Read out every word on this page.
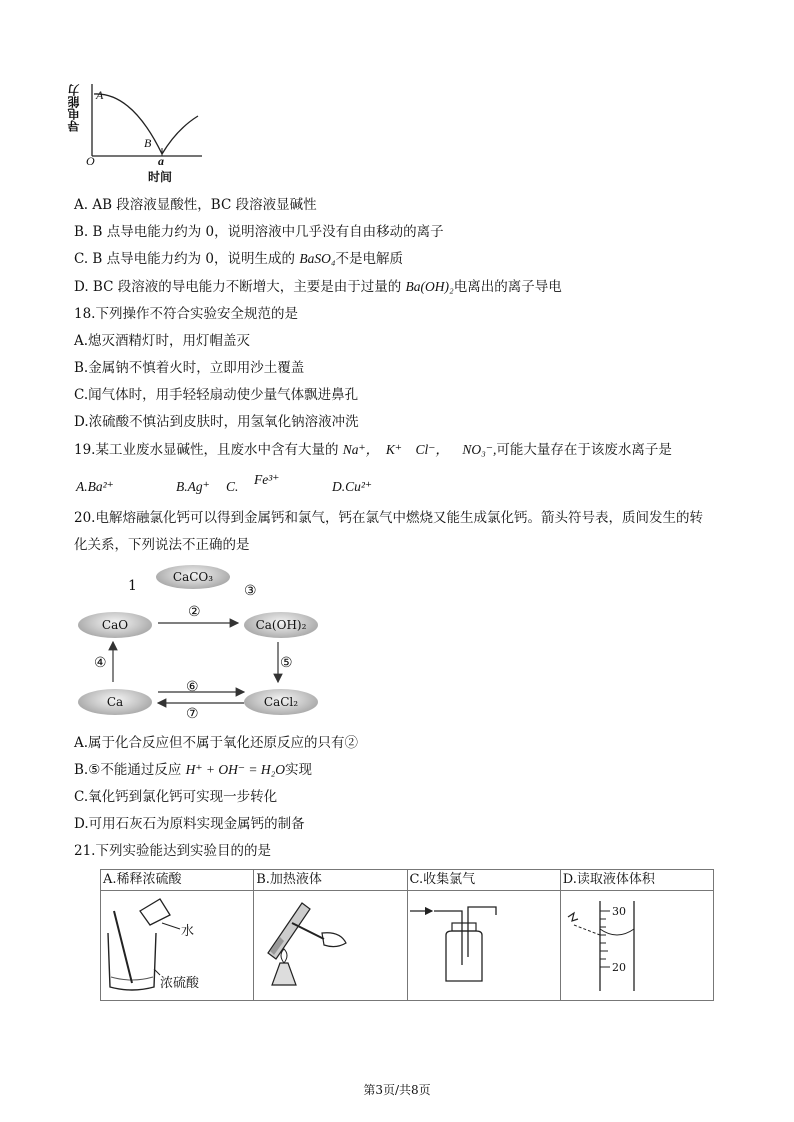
导电能力 A
B
O	a
时间
A. AB 段溶液显酸性，BC 段溶液显碱性
B. B 点导电能力约为 0，说明溶液中几乎没有自由移动的离子
C. B 点导电能力约为 0，说明生成的 BaSO₄不是电解质
D. BC 段溶液的导电能力不断增大，主要是由于过量的 Ba(OH)₂电离出的离子导电
18.下列操作不符合实验安全规范的是
A.熄灭酒精灯时，用灯帽盖灭
B.金属钠不慎着火时，立即用沙土覆盖
C.闻气体时，用手轻轻扇动使少量气体飘进鼻孔
D.浓硫酸不慎沾到皮肤时，用氢氧化钠溶液冲洗
19.某工业废水显碱性，且废水中含有大量的 Na⁺，  K⁺    Cl⁻，    NO₃⁻,可能大量存在于该废水离子是
A.Ba²⁺	B.Ag⁺ C. Fe³⁺	D.Cu²⁺
20.电解熔融氯化钙可以得到金属钙和氯气，钙在氯气中燃烧又能生成氯化钙。箭头符号表，质间发生的转
化关系，下列说法不正确的是
CaCO₃
CaO	Ca(OH)₂
Ca	CaCl₂
1
②
③
④	⑤
⑥
⑦
A.属于化合反应但不属于氧化还原反应的只有②
B.⑤不能通过反应 H⁺ + OH⁻ = H₂O实现
C.氧化钙到氯化钙可实现一步转化
D.可用石灰石为原料实现金属钙的制备
21.下列实验能达到实验目的的是
A.稀释浓硫酸	B.加热液体	C.收集氯气	D.读取液体体积

水
浓硫酸
30
20
第3页/共8页
